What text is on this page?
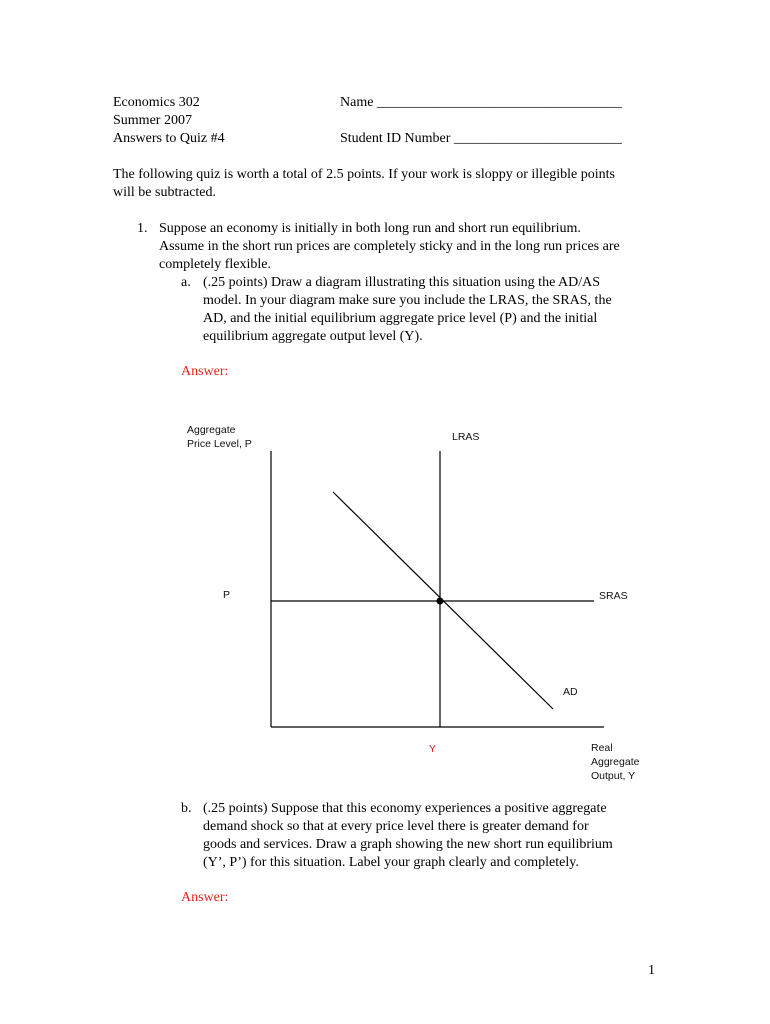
Economics 302
Summer 2007
Answers to Quiz #4
Name ___________________________________
Student ID Number ________________________
The following quiz is worth a total of 2.5 points. If your work is sloppy or illegible points
will be subtracted.
1. Suppose an economy is initially in both long run and short run equilibrium.
Assume in the short run prices are completely sticky and in the long run prices are
completely flexible.
a. (.25 points) Draw a diagram illustrating this situation using the AD/AS
model. In your diagram make sure you include the LRAS, the SRAS, the
AD, and the initial equilibrium aggregate price level (P) and the initial
equilibrium aggregate output level (Y).
Answer:
Aggregate
Price Level, P
LRAS
P	SRAS
AD
Y	Real
Aggregate
Output, Y
b. (.25 points) Suppose that this economy experiences a positive aggregate
demand shock so that at every price level there is greater demand for
goods and services. Draw a graph showing the new short run equilibrium
(Y’, P’) for this situation. Label your graph clearly and completely.
Answer:
1
